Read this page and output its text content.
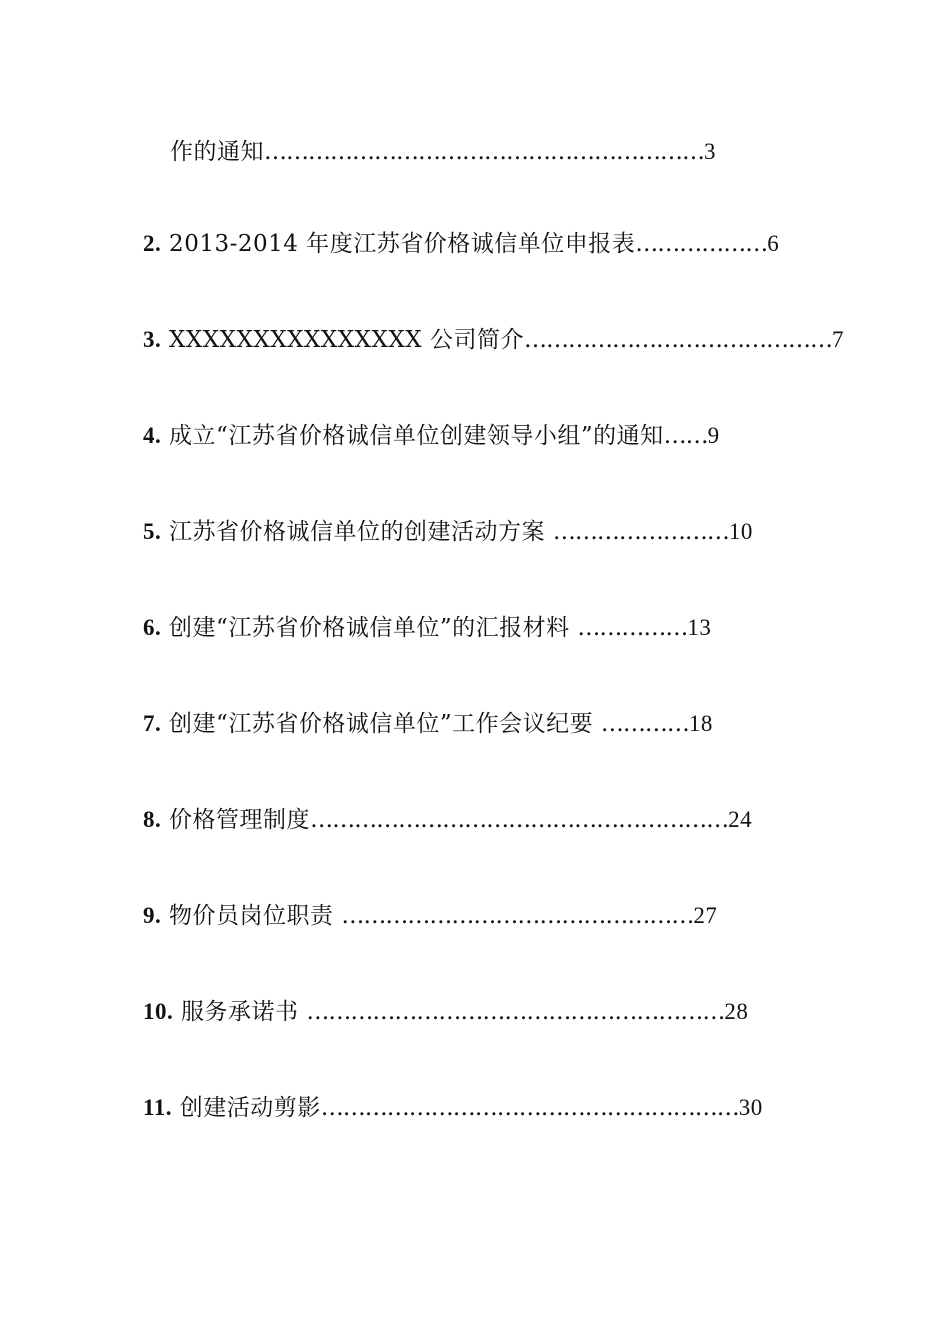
作的通知……………………………………………………3
2. 2013-2014 年度江苏省价格诚信单位申报表………………6
3. XXXXXXXXXXXXXXX 公司简介……………………………………7
4. 成立“江苏省价格诚信单位创建领导小组”的通知……9
5. 江苏省价格诚信单位的创建活动方案 ……………………10
6. 创建“江苏省价格诚信单位”的汇报材料 ……………13
7. 创建“江苏省价格诚信单位”工作会议纪要 …………18
8. 价格管理制度…………………………………………………24
9. 物价员岗位职责 …………………………………………27
10. 服务承诺书 …………………………………………………28
11. 创建活动剪影…………………………………………………30
